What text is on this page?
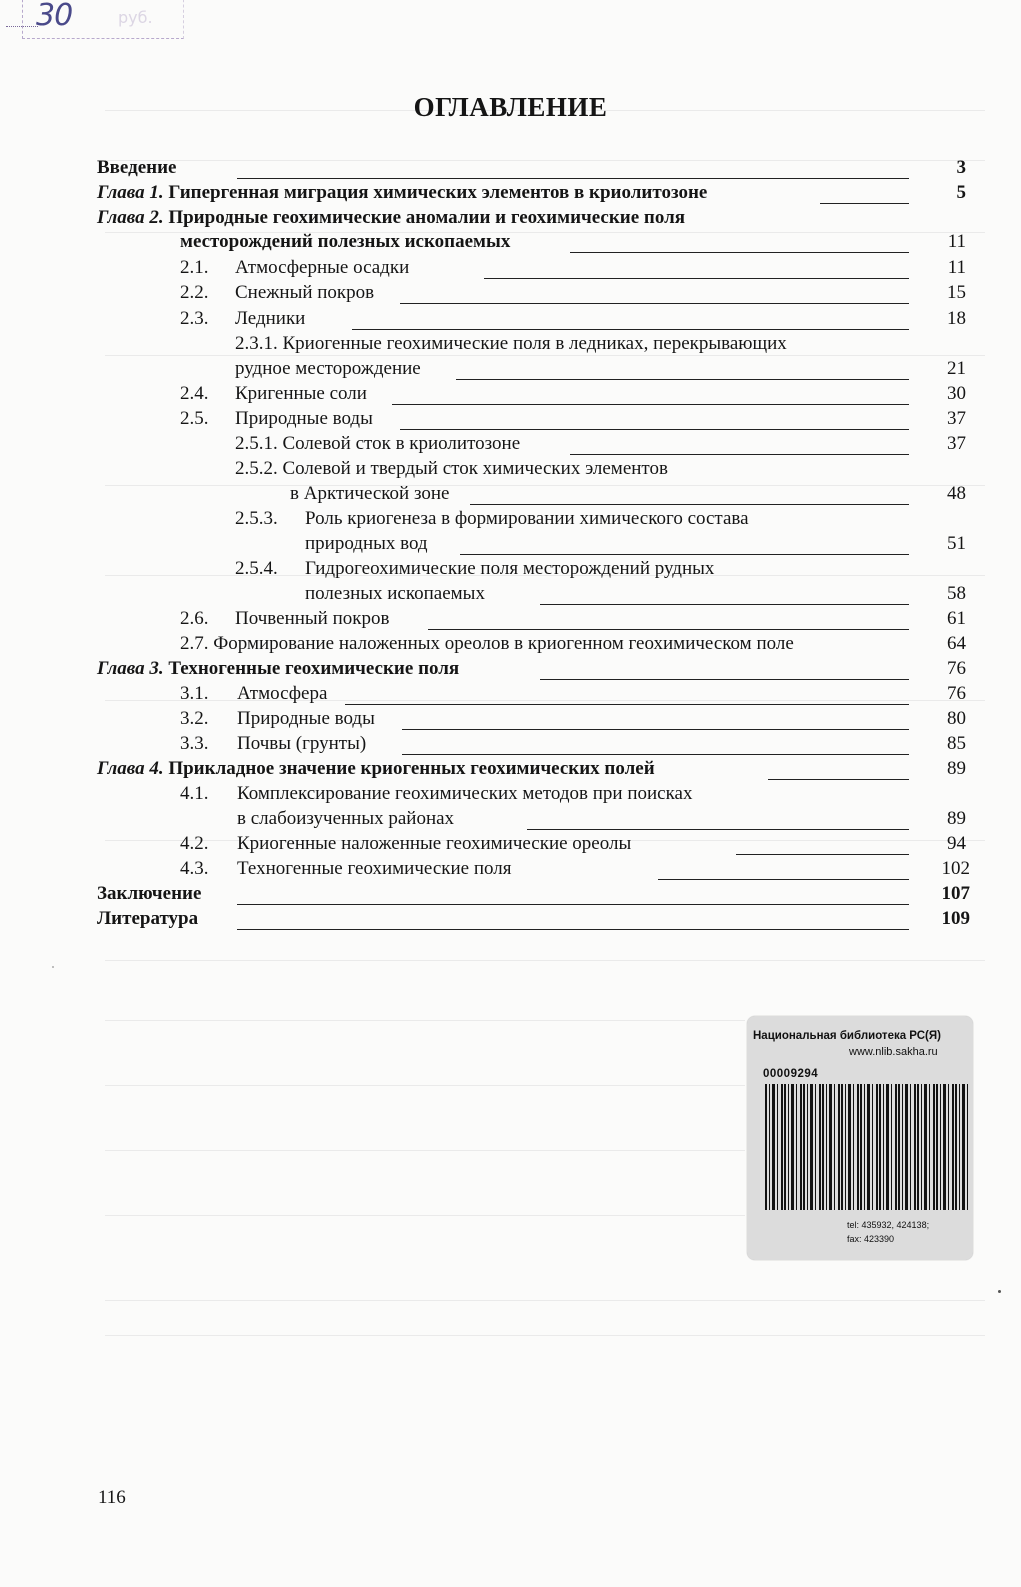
30	руб.
ОГЛАВЛЕНИЕ
Введение	3
Глава 1. Гипергенная миграция химических элементов в криолитозоне	5
Глава 2. Природные геохимические аномалии и геохимические поля
месторождений полезных ископаемых	11
2.1. Атмосферные осадки	11
2.2. Снежный покров	15
2.3. Ледники	18
2.3.1. Криогенные геохимические поля в ледниках, перекрывающих
рудное месторождение	21
2.4. Кригенные соли	30
2.5. Природные воды	37
2.5.1. Солевой сток в криолитозоне	37
2.5.2. Солевой и твердый сток химических элементов
в Арктической зоне	48
2.5.3. Роль криогенеза в формировании химического состава
природных вод	51
2.5.4. Гидрогеохимические поля месторождений рудных
полезных ископаемых	58
2.6. Почвенный покров	61
2.7. Формирование наложенных ореолов в криогенном геохимическом поле	64
Глава 3. Техногенные геохимические поля	76
3.1. Атмосфера	76
3.2. Природные воды	80
3.3. Почвы (грунты)	85
Глава 4. Прикладное значение криогенных геохимических полей	89
4.1. Комплексирование геохимических методов при поисках
в слабоизученных районах	89
4.2. Криогенные наложенные геохимические ореолы	94
4.3. Техногенные геохимические поля	102
Заключение	107
Литература	109
Национальная библиотека РС(Я)
www.nlib.sakha.ru
00009294
tel: 435932, 424138;
fax: 423390
116
